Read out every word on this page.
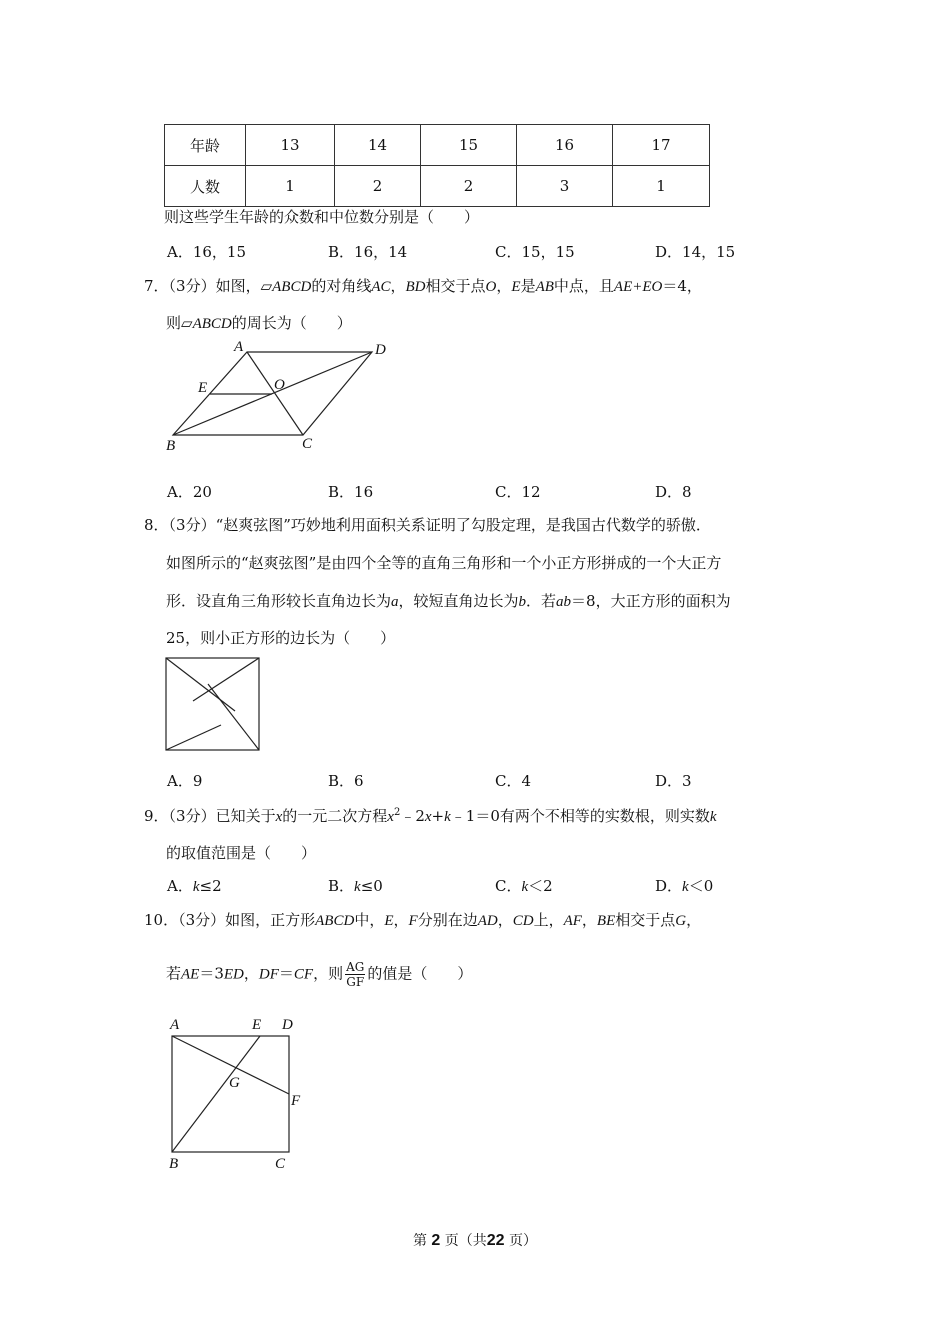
年龄	13	14	15	16	17
人数	1	2	2	3	1
则这些学生年龄的众数和中位数分别是（　　）
A．16，15	B．16，14	C．15，15	D．14，15
7．（3分）如图，▱ABCD的对角线AC，BD相交于点O，E是AB中点，且AE+EO＝4，
则▱ABCD的周长为（　　）
A	D
E	O
B	C
A．20	B．16	C．12	D．8
8．（3分）“赵爽弦图”巧妙地利用面积关系证明了勾股定理，是我国古代数学的骄傲．
如图所示的“赵爽弦图”是由四个全等的直角三角形和一个小正方形拼成的一个大正方
形．设直角三角形较长直角边长为a，较短直角边长为b．若ab＝8，大正方形的面积为
25，则小正方形的边长为（　　）
A．9	B．6	C．4	D．3
9．（3分）已知关于x的一元二次方程$x^2﹣2x+k﹣1=0$有两个不相等的实数根，则实数k
的取值范围是（　　）
A．k≤2	B．k≤0	C．k＜2	D．k＜0
10．（3分）如图，正方形ABCD中，E，F分别在边AD，CD上，AF，BE相交于点G，
若AE＝3ED，DF＝CF，则 $\frac{AG}{GF}$ 的值是（　　）
A	E D
G
F
B	C
第 2 页（共22 页）
